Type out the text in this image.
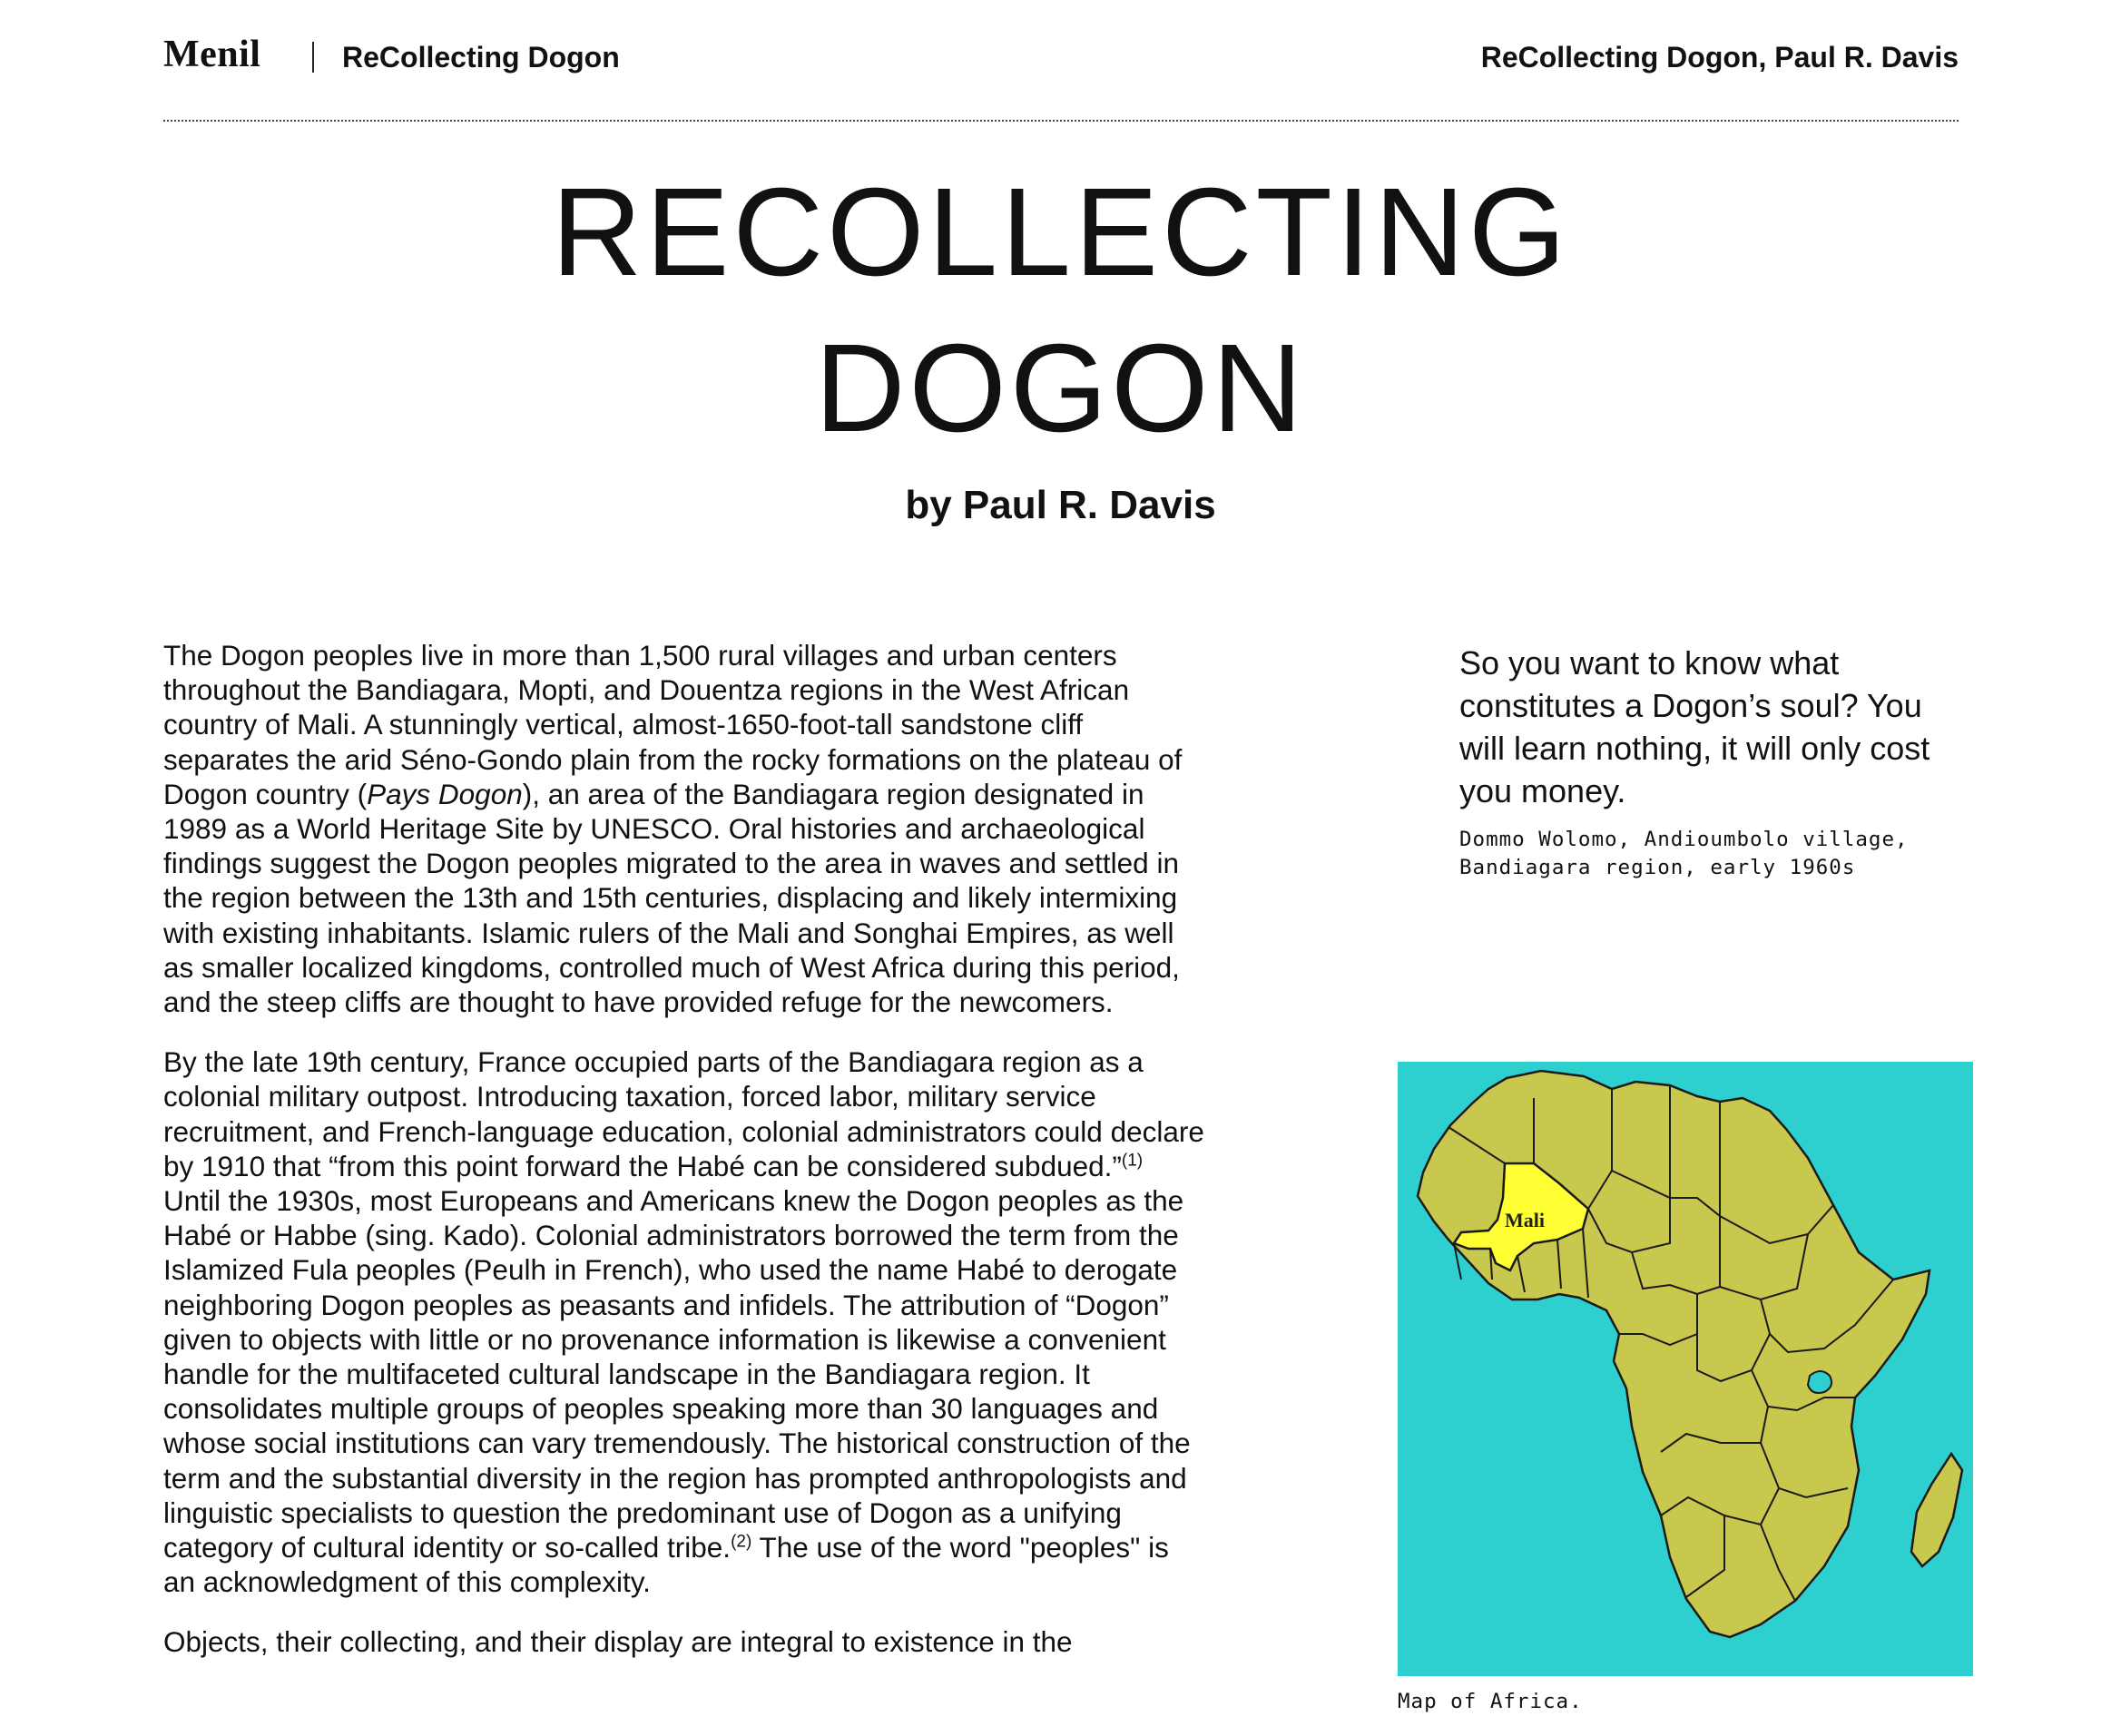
Menil	ReCollecting Dogon	ReCollecting Dogon, Paul R. Davis
RECOLLECTING
DOGON
by Paul R. Davis

The Dogon peoples live in more than 1,500 rural villages and urban centers throughout the Bandiagara, Mopti, and Douentza regions in the West African country of Mali. A stunningly vertical, almost-1650-foot-tall sandstone cliff separates the arid Séno-Gondo plain from the rocky formations on the plateau of Dogon country (Pays Dogon), an area of the Bandiagara region designated in 1989 as a World Heritage Site by UNESCO. Oral histories and archaeological findings suggest the Dogon peoples migrated to the area in waves and settled in the region between the 13th and 15th centuries, displacing and likely intermixing with existing inhabitants. Islamic rulers of the Mali and Songhai Empires, as well as smaller localized kingdoms, controlled much of West Africa during this period, and the steep cliffs are thought to have provided refuge for the newcomers.

By the late 19th century, France occupied parts of the Bandiagara region as a colonial military outpost. Introducing taxation, forced labor, military service recruitment, and French-language education, colonial administrators could declare by 1910 that “from this point forward the Habé can be considered subdued.”$^{(1)}$ Until the 1930s, most Europeans and Americans knew the Dogon peoples as the Habé or Habbe (sing. Kado). Colonial administrators borrowed the term from the Islamized Fula peoples (Peulh in French), who used the name Habé to derogate neighboring Dogon peoples as peasants and infidels. The attribution of “Dogon” given to objects with little or no provenance information is likewise a convenient handle for the multifaceted cultural landscape in the Bandiagara region. It consolidates multiple groups of peoples speaking more than 30 languages and whose social institutions can vary tremendously. The historical construction of the term and the substantial diversity in the region has prompted anthropologists and linguistic specialists to question the predominant use of Dogon as a unifying category of cultural identity or so-called tribe.$^{(2)}$ The use of the word "peoples" is an acknowledgment of this complexity.

Objects, their collecting, and their display are integral to existence in the

So you want to know what constitutes a Dogon’s soul? You will learn nothing, it will only cost you money.
Dommo Wolomo, Andioumbolo village,
Bandiagara region, early 1960s
Mali
Map of Africa.
